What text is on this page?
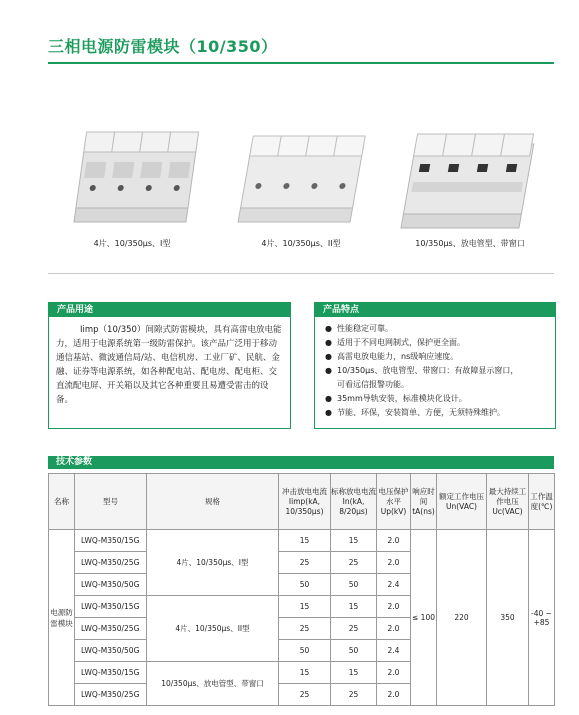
三相电源防雷模块（10/350）
4片、10/350μs、I型	4片、10/350μs、II型	10/350μs、放电管型、带窗口
产品用途
Iimp（10/350）间隙式防雷模块，具有高雷电放电能力，适用于电源系统第一级防雷保护。该产品广泛用于移动通信基站、微波通信局/站、电信机房、工业厂矿、民航、金融、证券等电源系统，如各种配电站、配电房、配电柜、交直流配电屏、开关箱以及其它各种重要且易遭受雷击的设备。
产品特点
● 性能稳定可靠。
● 适用于不同电网制式，保护更全面。
● 高雷电放电能力，ns级响应速度。
● 10/350μs、放电管型、带窗口：有故障显示窗口，
可看远信报警功能。
● 35mm导轨安装，标准模块化设计。
● 节能、环保，安装简单、方便，无须特殊维护。
技术参数
名称	型号	规格	冲击放电电流Iimp(kA, 10/350μs)	标称放电电流In(kA, 8/20μs)	电压保护水平Up(kV)	响应时间tA(ns)	额定工作电压Un(VAC)	最大持续工作电压Uc(VAC)	工作温度(℃)
电源防雷模块	LWQ-M350/15G	4片、10/350μs、I型	15	15	2.0	≤ 100	220	350	-40 ~ +85
	LWQ-M350/25G		25	25	2.0				
	LWQ-M350/50G		50	50	2.4				
	LWQ-M350/15G	4片、10/350μs、II型	15	15	2.0				
	LWQ-M350/25G		25	25	2.0				
	LWQ-M350/50G		50	50	2.4				
	LWQ-M350/15G	10/350μs、放电管型、带窗口	15	15	2.0				
	LWQ-M350/25G		25	25	2.0				
